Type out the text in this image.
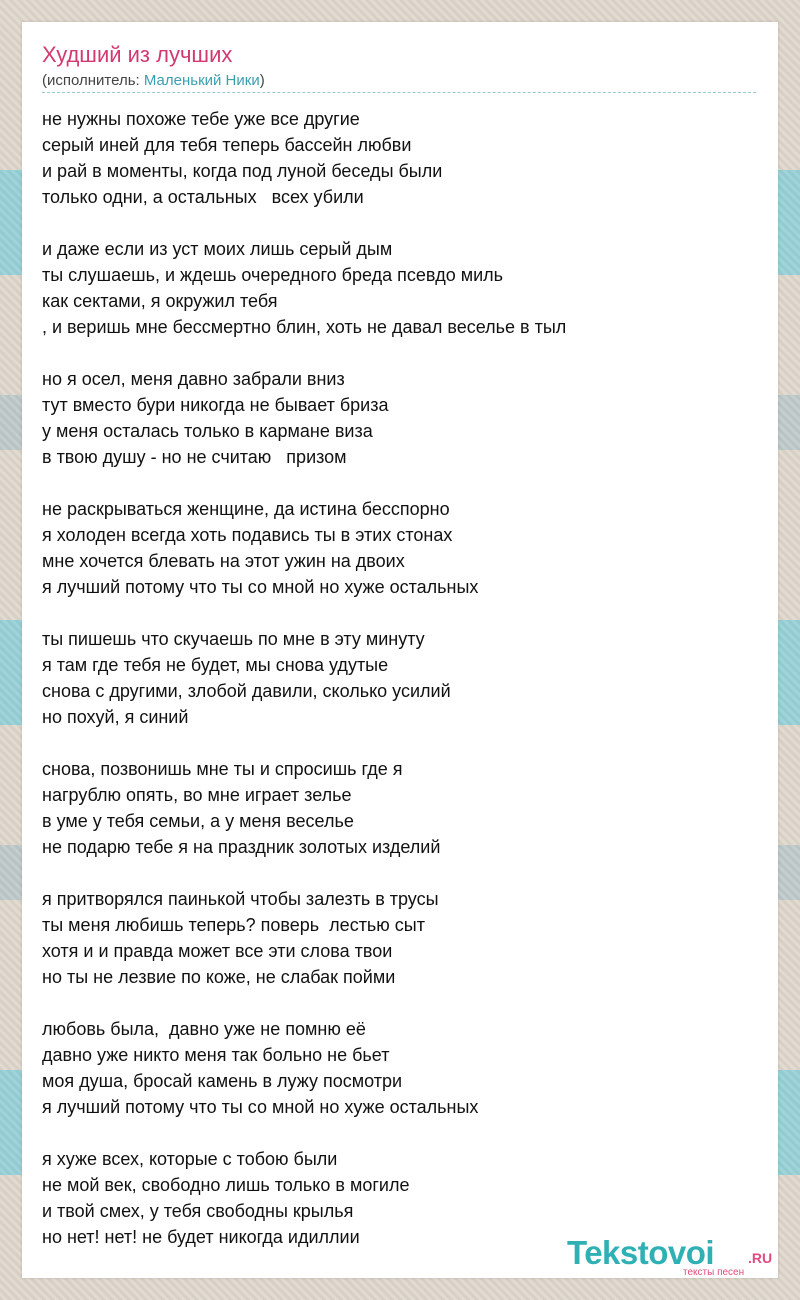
Худший из лучших
(исполнитель: Маленький Ники)
не нужны похоже тебе уже все другие
серый иней для тебя теперь бассейн любви
и рай в моменты, когда под луной беседы были
только одни, а остальных   всех убили
и даже если из уст моих лишь серый дым
ты слушаешь, и ждешь очередного бреда псевдо миль
как сектами, я окружил тебя
, и веришь мне бессмертно блин, хоть не давал веселье в тыл
но я осел, меня давно забрали вниз
тут вместо бури никогда не бывает бриза
у меня осталась только в кармане виза
в твою душу - но не считаю   призом
не раскрываться женщине, да истина бесспорно
я холоден всегда хоть подавись ты в этих стонах
мне хочется блевать на этот ужин на двоих
я лучший потому что ты со мной но хуже остальных
ты пишешь что скучаешь по мне в эту минуту
я там где тебя не будет, мы снова удутые
снова с другими, злобой давили, сколько усилий
но похуй, я синий
снова, позвонишь мне ты и спросишь где я
нагрублю опять, во мне играет зелье
в уме у тебя семьи, а у меня веселье
не подарю тебе я на праздник золотых изделий
я притворялся паинькой чтобы залезть в трусы
ты меня любишь теперь? поверь  лестью сыт
хотя и и правда может все эти слова твои
но ты не лезвие по коже, не слабак пойми
любовь была,  давно уже не помню её
давно уже никто меня так больно не бьет
моя душа, бросай камень в лужу посмотри
я лучший потому что ты со мной но хуже остальных
я хуже всех, которые с тобою были
не мой век, свободно лишь только в могиле
и твой смех, у тебя свободны крылья
но нет! нет! не будет никогда идиллии	Tekstovoi .RU
тексты песен
